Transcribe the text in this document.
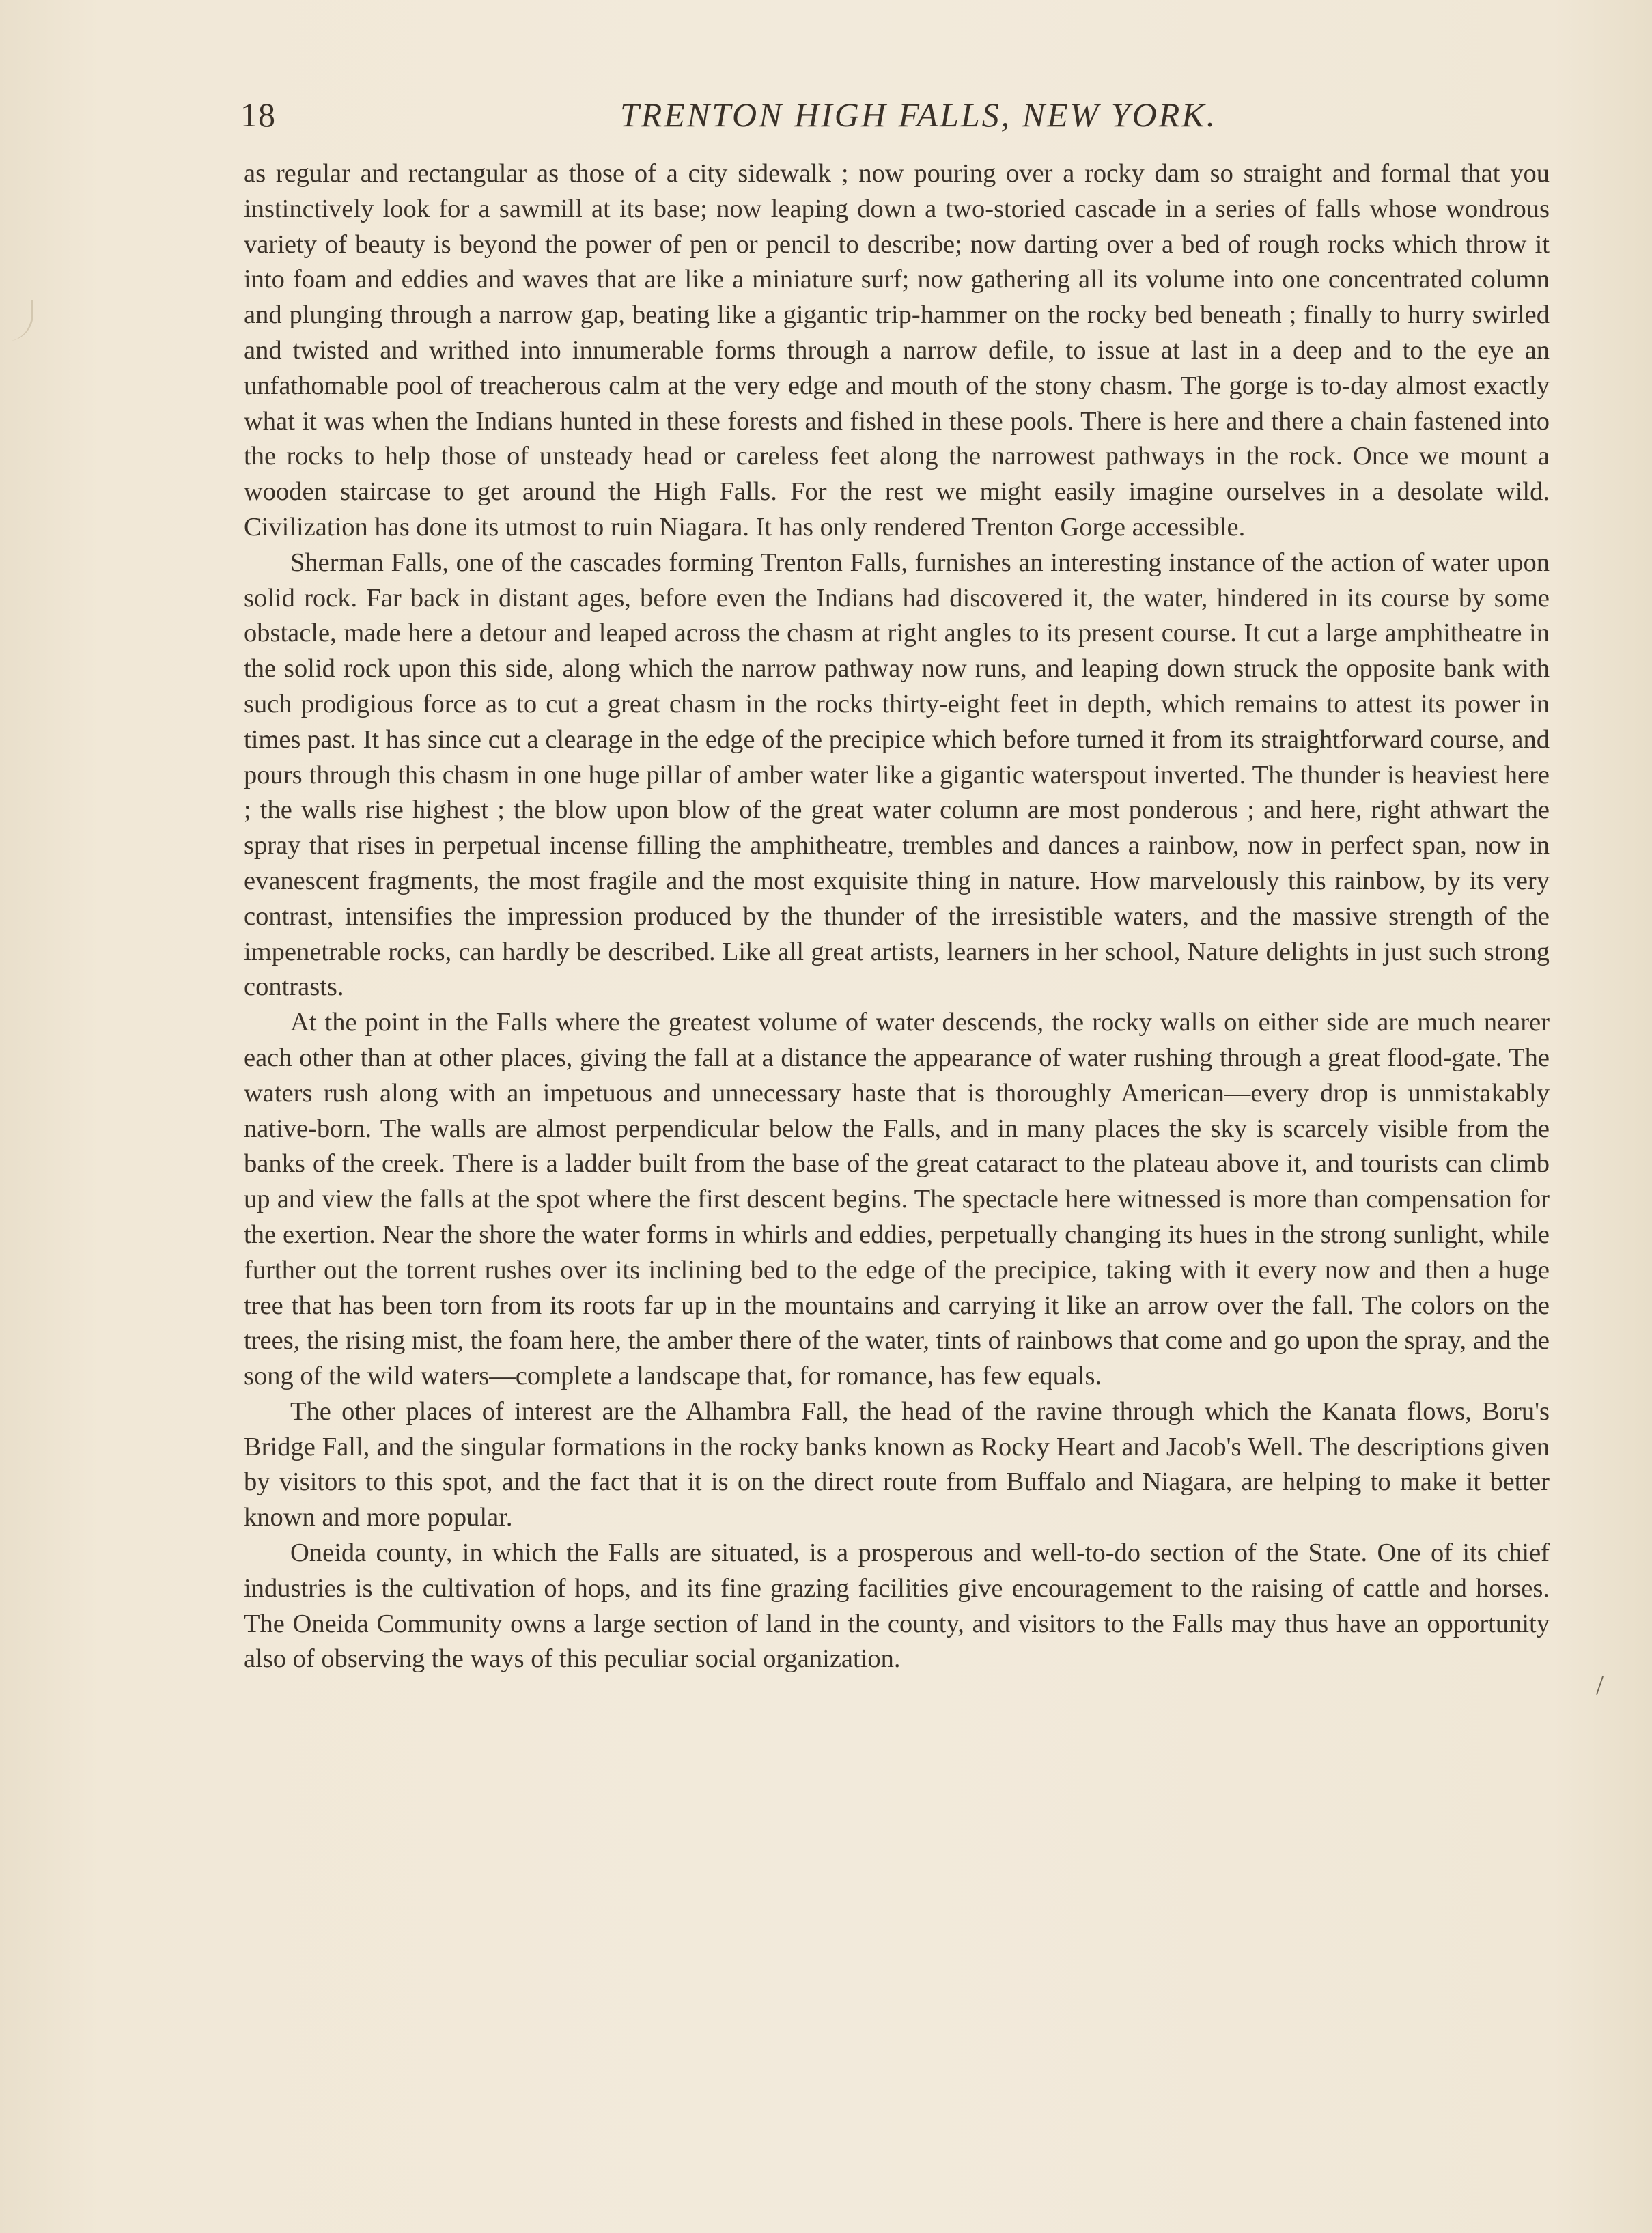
18	TRENTON HIGH FALLS, NEW YORK.

as regular and rectangular as those of a city sidewalk ; now pouring over a rocky dam so straight and formal that you instinctively look for a sawmill at its base; now leaping down a two-storied cascade in a series of falls whose wondrous variety of beauty is beyond the power of pen or pencil to describe; now darting over a bed of rough rocks which throw it into foam and eddies and waves that are like a miniature surf; now gathering all its volume into one concentrated column and plunging through a narrow gap, beating like a gigantic trip-hammer on the rocky bed beneath ; finally to hurry swirled and twisted and writhed into innumerable forms through a narrow defile, to issue at last in a deep and to the eye an unfathomable pool of treacherous calm at the very edge and mouth of the stony chasm. The gorge is to-day almost exactly what it was when the Indians hunted in these forests and fished in these pools. There is here and there a chain fastened into the rocks to help those of unsteady head or careless feet along the narrowest pathways in the rock. Once we mount a wooden staircase to get around the High Falls. For the rest we might easily imagine ourselves in a desolate wild. Civilization has done its utmost to ruin Niagara. It has only rendered Trenton Gorge accessible.

Sherman Falls, one of the cascades forming Trenton Falls, furnishes an interesting instance of the action of water upon solid rock. Far back in distant ages, before even the Indians had discovered it, the water, hindered in its course by some obstacle, made here a detour and leaped across the chasm at right angles to its present course. It cut a large amphitheatre in the solid rock upon this side, along which the narrow pathway now runs, and leaping down struck the opposite bank with such prodigious force as to cut a great chasm in the rocks thirty-eight feet in depth, which remains to attest its power in times past. It has since cut a clearage in the edge of the precipice which before turned it from its straightforward course, and pours through this chasm in one huge pillar of amber water like a gigantic waterspout inverted. The thunder is heaviest here ; the walls rise highest ; the blow upon blow of the great water column are most ponderous ; and here, right athwart the spray that rises in perpetual incense filling the amphitheatre, trembles and dances a rainbow, now in perfect span, now in evanescent fragments, the most fragile and the most exquisite thing in nature. How marvelously this rainbow, by its very contrast, intensifies the impression produced by the thunder of the irresistible waters, and the massive strength of the impenetrable rocks, can hardly be described. Like all great artists, learners in her school, Nature delights in just such strong contrasts.

At the point in the Falls where the greatest volume of water descends, the rocky walls on either side are much nearer each other than at other places, giving the fall at a distance the appearance of water rushing through a great flood-gate. The waters rush along with an impetuous and unnecessary haste that is thoroughly American—every drop is unmistakably native-born. The walls are almost perpendicular below the Falls, and in many places the sky is scarcely visible from the banks of the creek. There is a ladder built from the base of the great cataract to the plateau above it, and tourists can climb up and view the falls at the spot where the first descent begins. The spectacle here witnessed is more than compensation for the exertion. Near the shore the water forms in whirls and eddies, perpetually changing its hues in the strong sunlight, while further out the torrent rushes over its inclining bed to the edge of the precipice, taking with it every now and then a huge tree that has been torn from its roots far up in the mountains and carrying it like an arrow over the fall. The colors on the trees, the rising mist, the foam here, the amber there of the water, tints of rainbows that come and go upon the spray, and the song of the wild waters—complete a landscape that, for romance, has few equals.

The other places of interest are the Alhambra Fall, the head of the ravine through which the Kanata flows, Boru's Bridge Fall, and the singular formations in the rocky banks known as Rocky Heart and Jacob's Well. The descriptions given by visitors to this spot, and the fact that it is on the direct route from Buffalo and Niagara, are helping to make it better known and more popular.

Oneida county, in which the Falls are situated, is a prosperous and well-to-do section of the State. One of its chief industries is the cultivation of hops, and its fine grazing facilities give encouragement to the raising of cattle and horses. The Oneida Community owns a large section of land in the county, and visitors to the Falls may thus have an opportunity also of observing the ways of this peculiar social organization.

/
